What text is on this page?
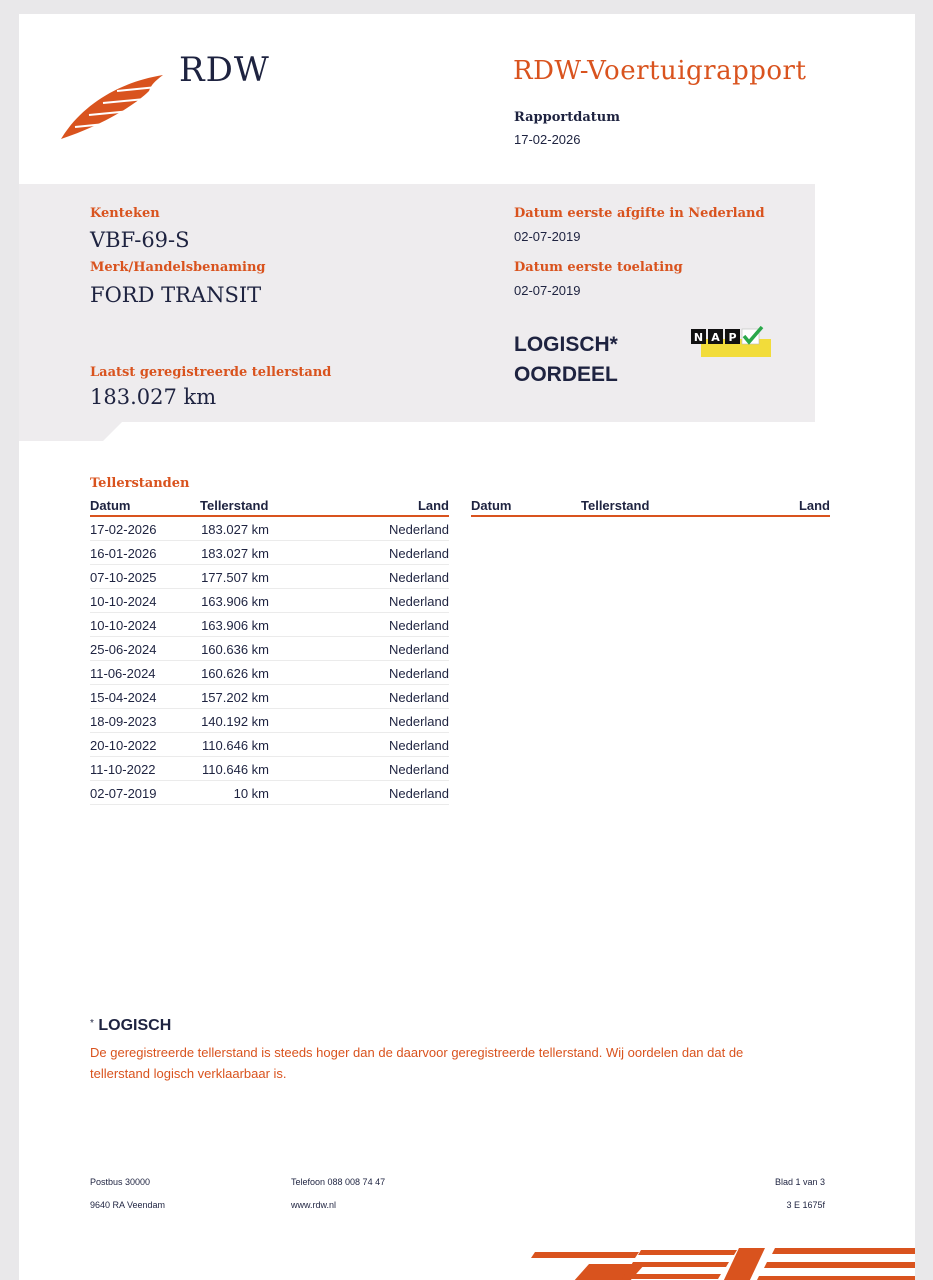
RDW	RDW-Voertuigrapport
Rapportdatum
17-02-2026
Kenteken
VBF-69-S
Merk/Handelsbenaming
FORD TRANSIT
Laatst geregistreerde tellerstand
183.027 km
Datum eerste afgifte in Nederland
02-07-2019
Datum eerste toelating
02-07-2019
LOGISCH*
OORDEEL
N A P
Tellerstanden
Datum	Tellerstand	Land
17-02-2026	183.027 km	Nederland
16-01-2026	183.027 km	Nederland
07-10-2025	177.507 km	Nederland
10-10-2024	163.906 km	Nederland
10-10-2024	163.906 km	Nederland
25-06-2024	160.636 km	Nederland
11-06-2024	160.626 km	Nederland
15-04-2024	157.202 km	Nederland
18-09-2023	140.192 km	Nederland
20-10-2022	110.646 km	Nederland
11-10-2022	110.646 km	Nederland
02-07-2019	10 km	Nederland
Datum	Tellerstand	Land
* LOGISCH
De geregistreerde tellerstand is steeds hoger dan de daarvoor geregistreerde tellerstand. Wij oordelen dan dat de tellerstand logisch verklaarbaar is.
Postbus 30000
9640 RA Veendam
Telefoon 088 008 74 47
www.rdw.nl
Blad 1 van 3
3 E 1675f
